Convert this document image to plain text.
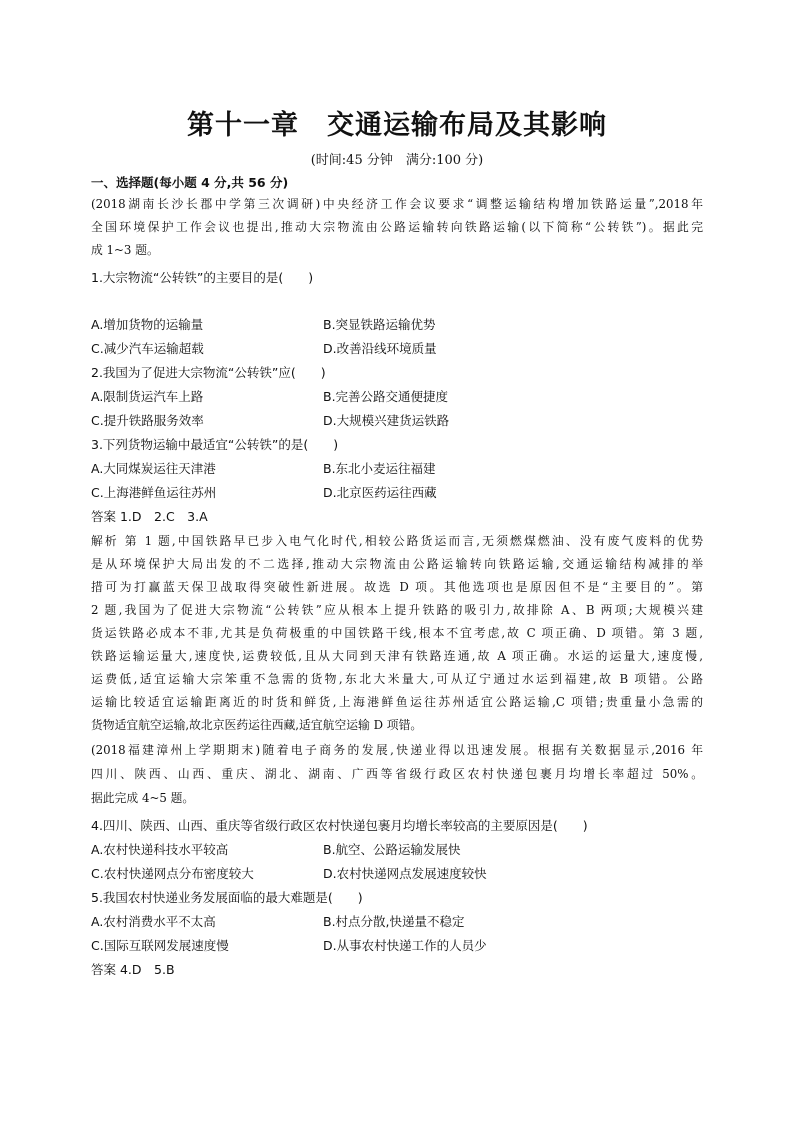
第十一章　交通运输布局及其影响
(时间:45 分钟　满分:100 分)
一、选择题(每小题 4 分,共 56 分)
(2018湖南长沙长郡中学第三次调研)中央经济工作会议要求“调整运输结构增加铁路运量”,2018年
全国环境保护工作会议也提出,推动大宗物流由公路运输转向铁路运输(以下简称“公转铁”)。据此完
成 1~3 题。
1.大宗物流“公转铁”的主要目的是(　　)
A.增加货物的运输量	B.突显铁路运输优势
C.减少汽车运输超载	D.改善沿线环境质量
2.我国为了促进大宗物流“公转铁”应(　　)
A.限制货运汽车上路	B.完善公路交通便捷度
C.提升铁路服务效率	D.大规模兴建货运铁路
3.下列货物运输中最适宜“公转铁”的是(　　)
A.大同煤炭运往天津港	B.东北小麦运往福建
C.上海港鲜鱼运往苏州	D.北京医药运往西藏
答案 1.D　2.C　3.A
解析 第 1 题,中国铁路早已步入电气化时代,相较公路货运而言,无须燃煤燃油、没有废气废料的优势
是从环境保护大局出发的不二选择,推动大宗物流由公路运输转向铁路运输,交通运输结构减排的举
措可为打赢蓝天保卫战取得突破性新进展。故选 D 项。其他选项也是原因但不是“主要目的”。第
2 题,我国为了促进大宗物流“公转铁”应从根本上提升铁路的吸引力,故排除 A、B 两项;大规模兴建
货运铁路必成本不菲,尤其是负荷极重的中国铁路干线,根本不宜考虑,故 C 项正确、D 项错。第 3 题,
铁路运输运量大,速度快,运费较低,且从大同到天津有铁路连通,故 A 项正确。水运的运量大,速度慢,
运费低,适宜运输大宗笨重不急需的货物,东北大米量大,可从辽宁通过水运到福建,故 B 项错。公路
运输比较适宜运输距离近的时货和鲜货,上海港鲜鱼运往苏州适宜公路运输,C 项错;贵重量小急需的
货物适宜航空运输,故北京医药运往西藏,适宜航空运输 D 项错。
(2018福建漳州上学期期末)随着电子商务的发展,快递业得以迅速发展。根据有关数据显示,2016 年
四川、陕西、山西、重庆、湖北、湖南、广西等省级行政区农村快递包裹月均增长率超过 50%。
据此完成 4~5 题。
4.四川、陕西、山西、重庆等省级行政区农村快递包裹月均增长率较高的主要原因是(　　)
A.农村快递科技水平较高	B.航空、公路运输发展快
C.农村快递网点分布密度较大	D.农村快递网点发展速度较快
5.我国农村快递业务发展面临的最大难题是(　　)
A.农村消费水平不太高	B.村点分散,快递量不稳定
C.国际互联网发展速度慢	D.从事农村快递工作的人员少
答案 4.D　5.B
